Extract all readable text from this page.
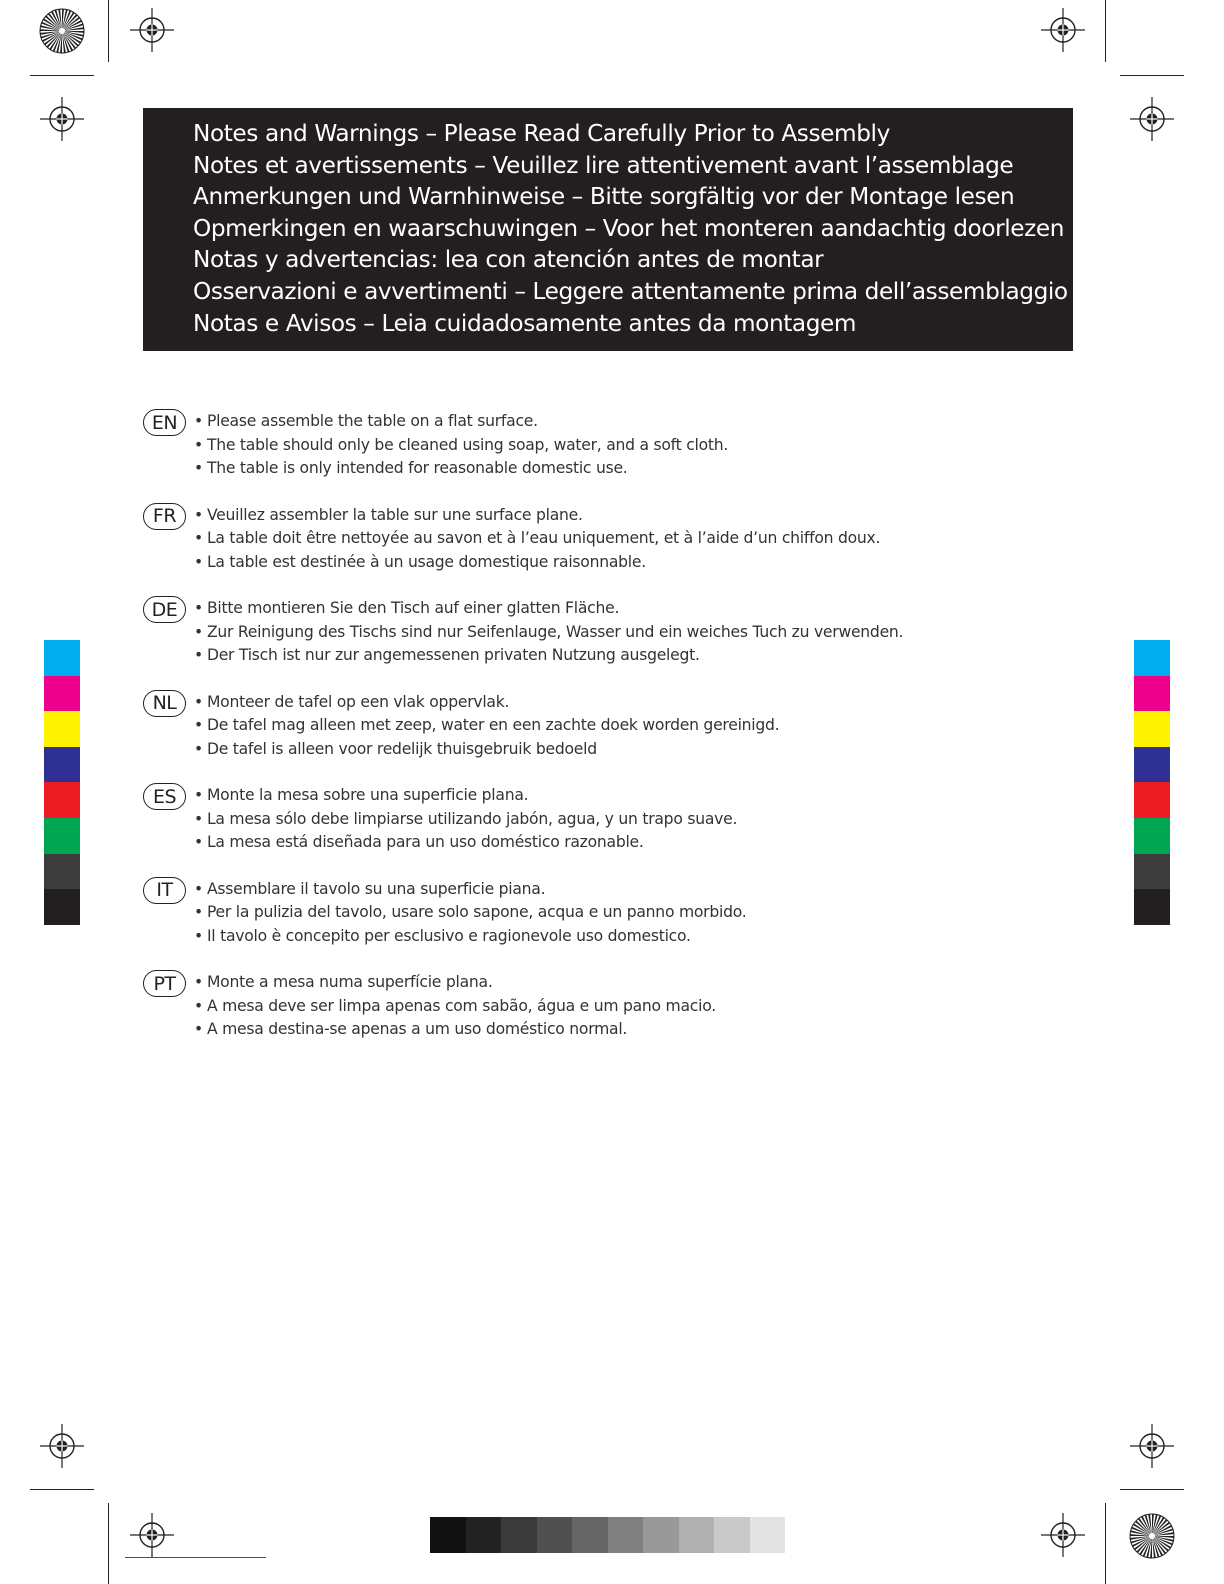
Notes and Warnings – Please Read Carefully Prior to Assembly
Notes et avertissements – Veuillez lire attentivement avant l’assemblage
Anmerkungen und Warnhinweise – Bitte sorgfältig vor der Montage lesen
Opmerkingen en waarschuwingen – Voor het monteren aandachtig doorlezen
Notas y advertencias: lea con atención antes de montar
Osservazioni e avvertimenti – Leggere attentamente prima dell’assemblaggio
Notas e Avisos – Leia cuidadosamente antes da montagem
EN	• Please assemble the table on a flat surface.
• The table should only be cleaned using soap, water, and a soft cloth.
• The table is only intended for reasonable domestic use.
FR	• Veuillez assembler la table sur une surface plane.
• La table doit être nettoyée au savon et à l’eau uniquement, et à l’aide d’un chiffon doux.
• La table est destinée à un usage domestique raisonnable.
DE	• Bitte montieren Sie den Tisch auf einer glatten Fläche.
• Zur Reinigung des Tischs sind nur Seifenlauge, Wasser und ein weiches Tuch zu verwenden.
• Der Tisch ist nur zur angemessenen privaten Nutzung ausgelegt.
NL	• Monteer de tafel op een vlak oppervlak.
• De tafel mag alleen met zeep, water en een zachte doek worden gereinigd.
• De tafel is alleen voor redelijk thuisgebruik bedoeld
ES	• Monte la mesa sobre una superficie plana.
• La mesa sólo debe limpiarse utilizando jabón, agua, y un trapo suave.
• La mesa está diseñada para un uso doméstico razonable.
IT	• Assemblare il tavolo su una superficie piana.
• Per la pulizia del tavolo, usare solo sapone, acqua e un panno morbido.
• Il tavolo è concepito per esclusivo e ragionevole uso domestico.
PT	• Monte a mesa numa superfície plana.
• A mesa deve ser limpa apenas com sabão, água e um pano macio.
• A mesa destina-se apenas a um uso doméstico normal.
